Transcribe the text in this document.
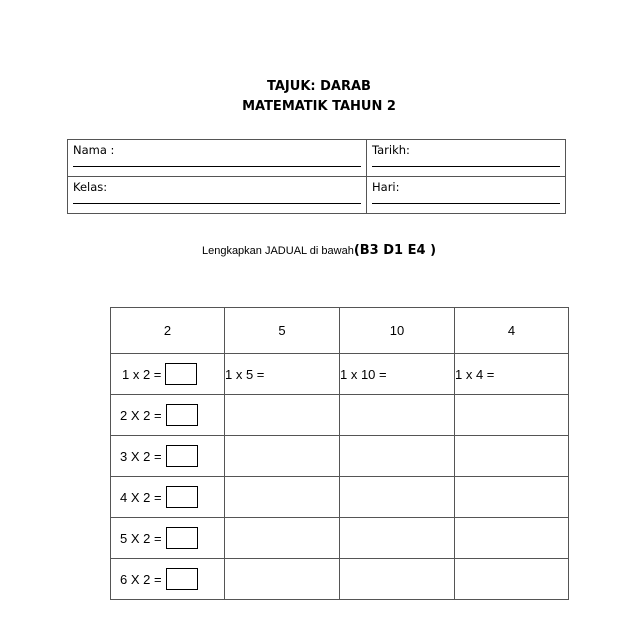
TAJUK: DARAB
MATEMATIK TAHUN 2
Nama :	Tarikh:

Kelas:	Hari:
Lengkapkan JADUAL di bawah(B3 D1 E4 )
2	5	10	4

1 x 2 =	1 x 5 =	1 x 10 =	1 x 4 =

2 X 2 =			

3 X 2 =			

4 X 2 =			

5 X 2 =			

6 X 2 =			
